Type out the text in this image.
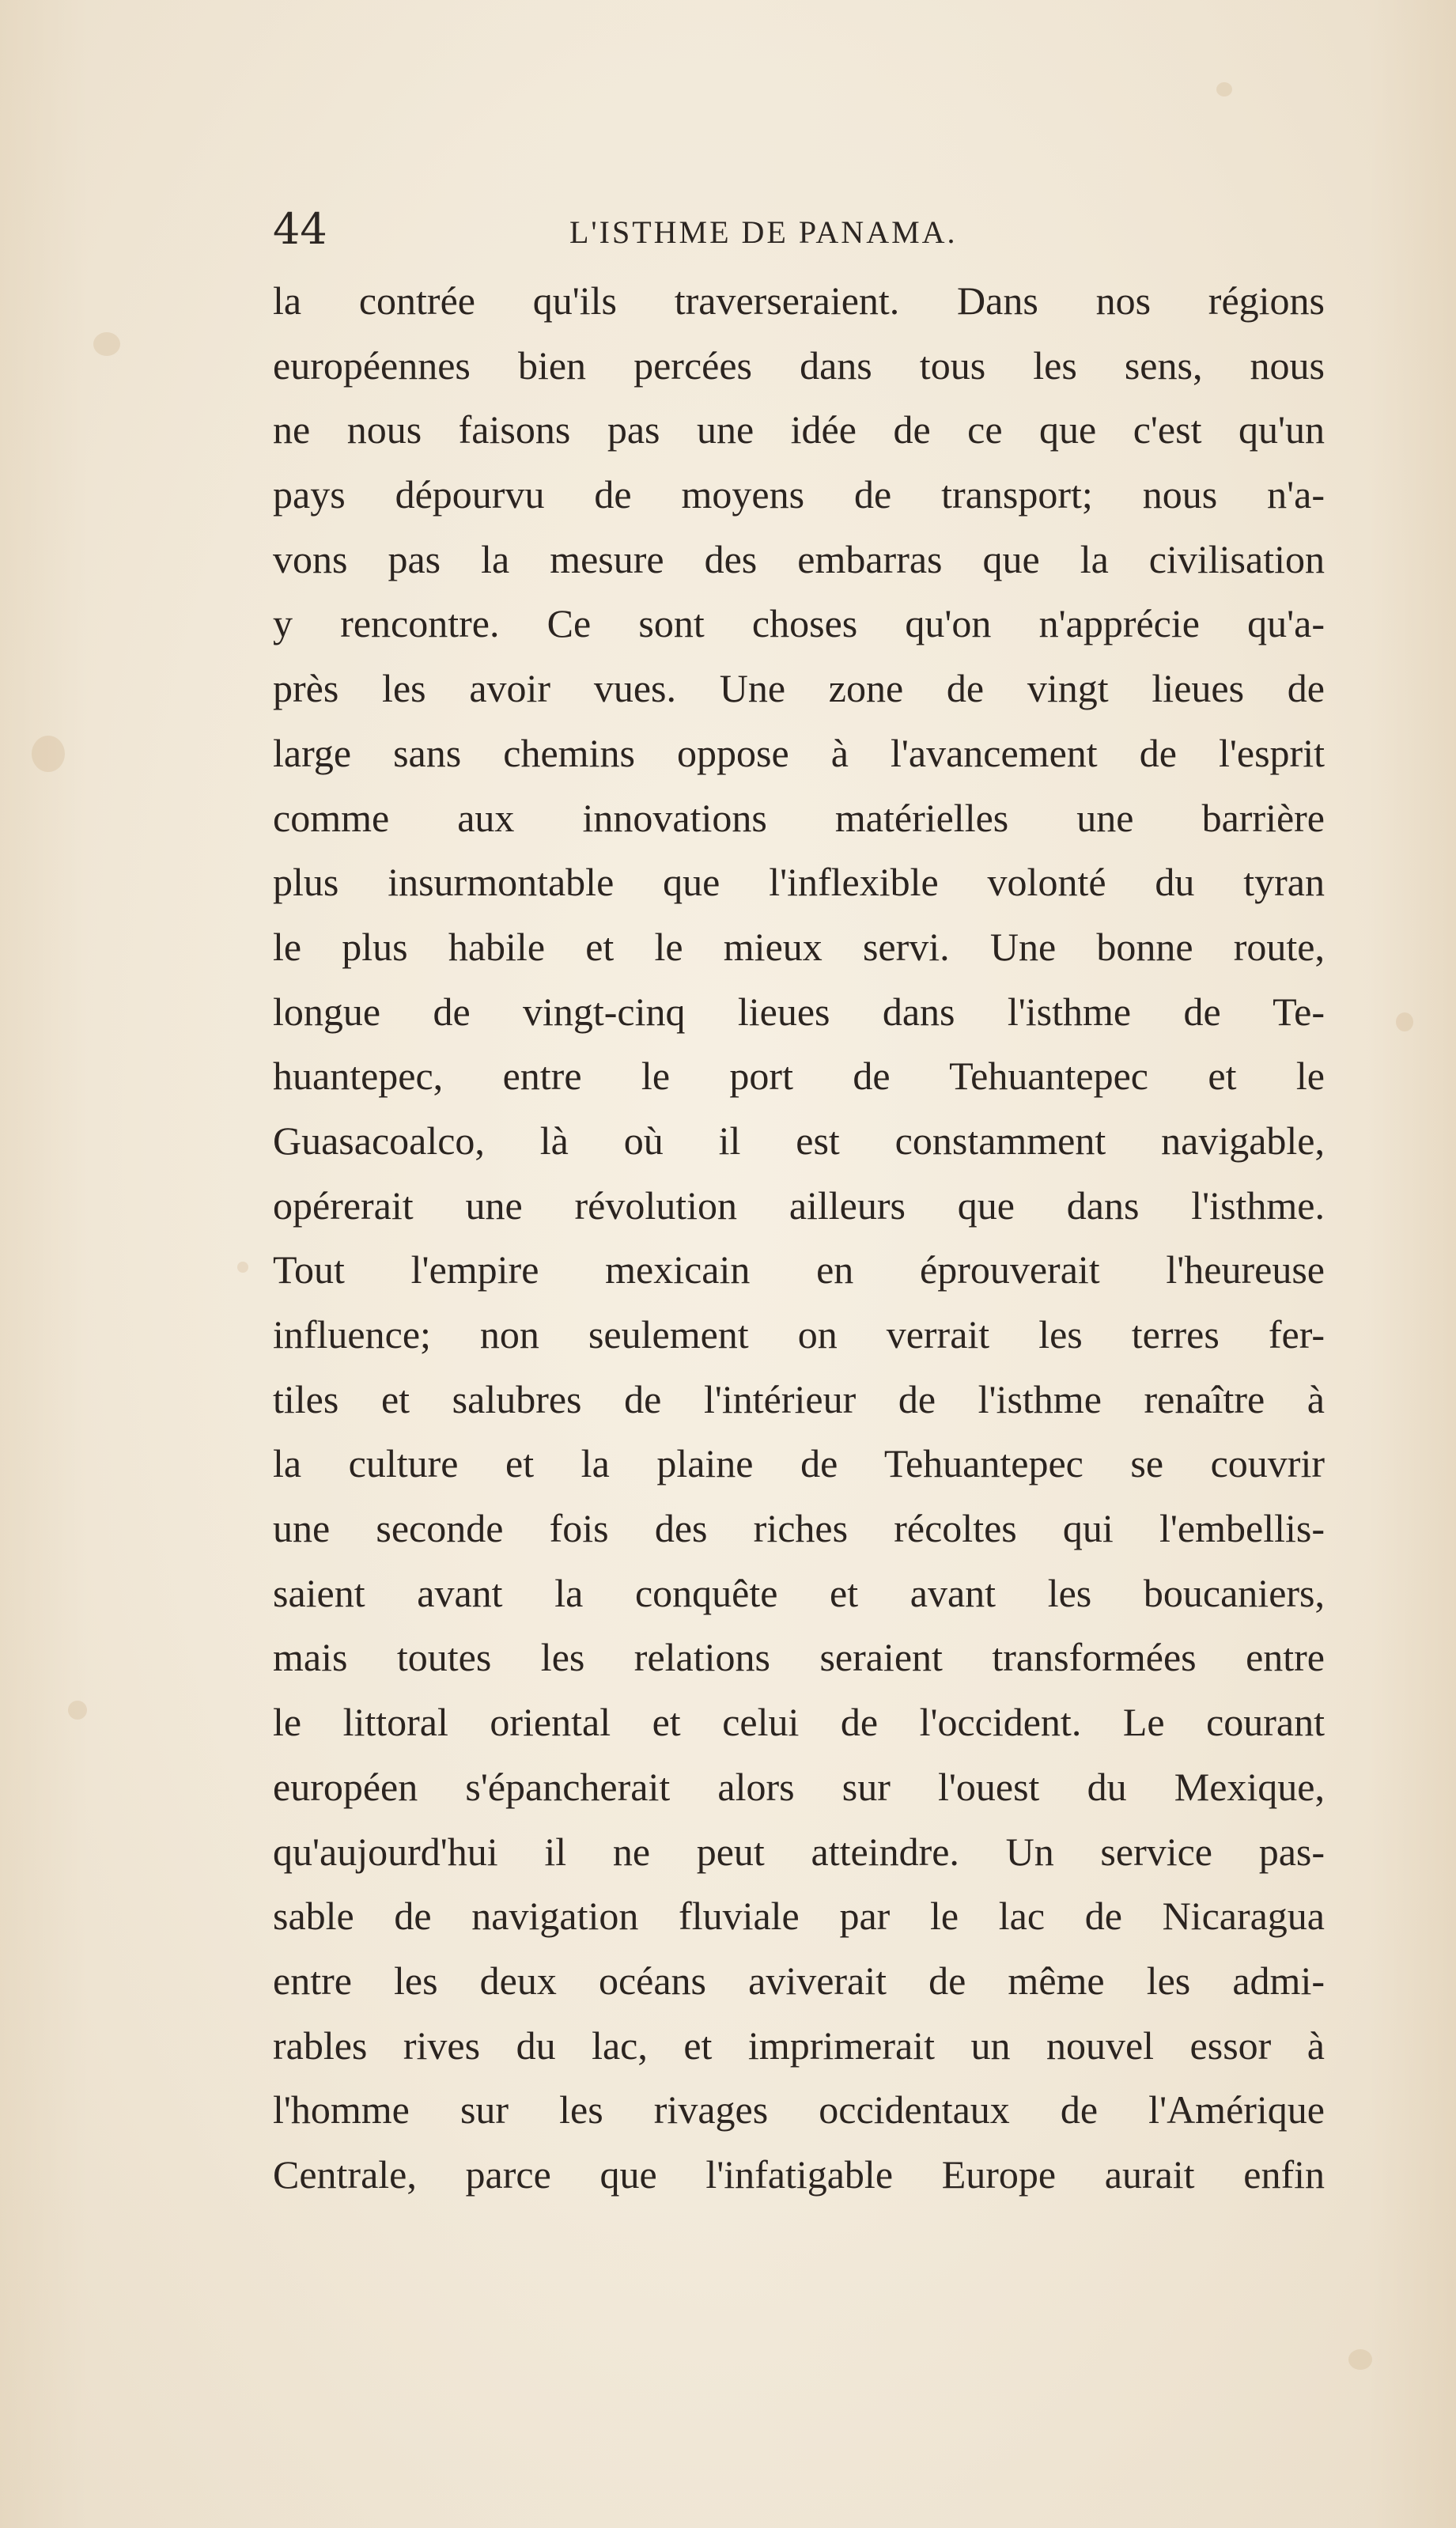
44	L'ISTHME DE PANAMA.
la contrée qu'ils traverseraient. Dans nos régions
européennes bien percées dans tous les sens, nous
ne nous faisons pas une idée de ce que c'est qu'un
pays dépourvu de moyens de transport; nous n'a-
vons pas la mesure des embarras que la civilisation
y rencontre. Ce sont choses qu'on n'apprécie qu'a-
près les avoir vues. Une zone de vingt lieues de
large sans chemins oppose à l'avancement de l'esprit
comme aux innovations matérielles une barrière
plus insurmontable que l'inflexible volonté du tyran
le plus habile et le mieux servi. Une bonne route,
longue de vingt-cinq lieues dans l'isthme de Te-
huantepec, entre le port de Tehuantepec et le
Guasacoalco, là où il est constamment navigable,
opérerait une révolution ailleurs que dans l'isthme.
Tout l'empire mexicain en éprouverait l'heureuse
influence; non seulement on verrait les terres fer-
tiles et salubres de l'intérieur de l'isthme renaître à
la culture et la plaine de Tehuantepec se couvrir
une seconde fois des riches récoltes qui l'embellis-
saient avant la conquête et avant les boucaniers,
mais toutes les relations seraient transformées entre
le littoral oriental et celui de l'occident. Le courant
européen s'épancherait alors sur l'ouest du Mexique,
qu'aujourd'hui il ne peut atteindre. Un service pas-
sable de navigation fluviale par le lac de Nicaragua
entre les deux océans aviverait de même les admi-
rables rives du lac, et imprimerait un nouvel essor à
l'homme sur les rivages occidentaux de l'Amérique
Centrale, parce que l'infatigable Europe aurait enfin
